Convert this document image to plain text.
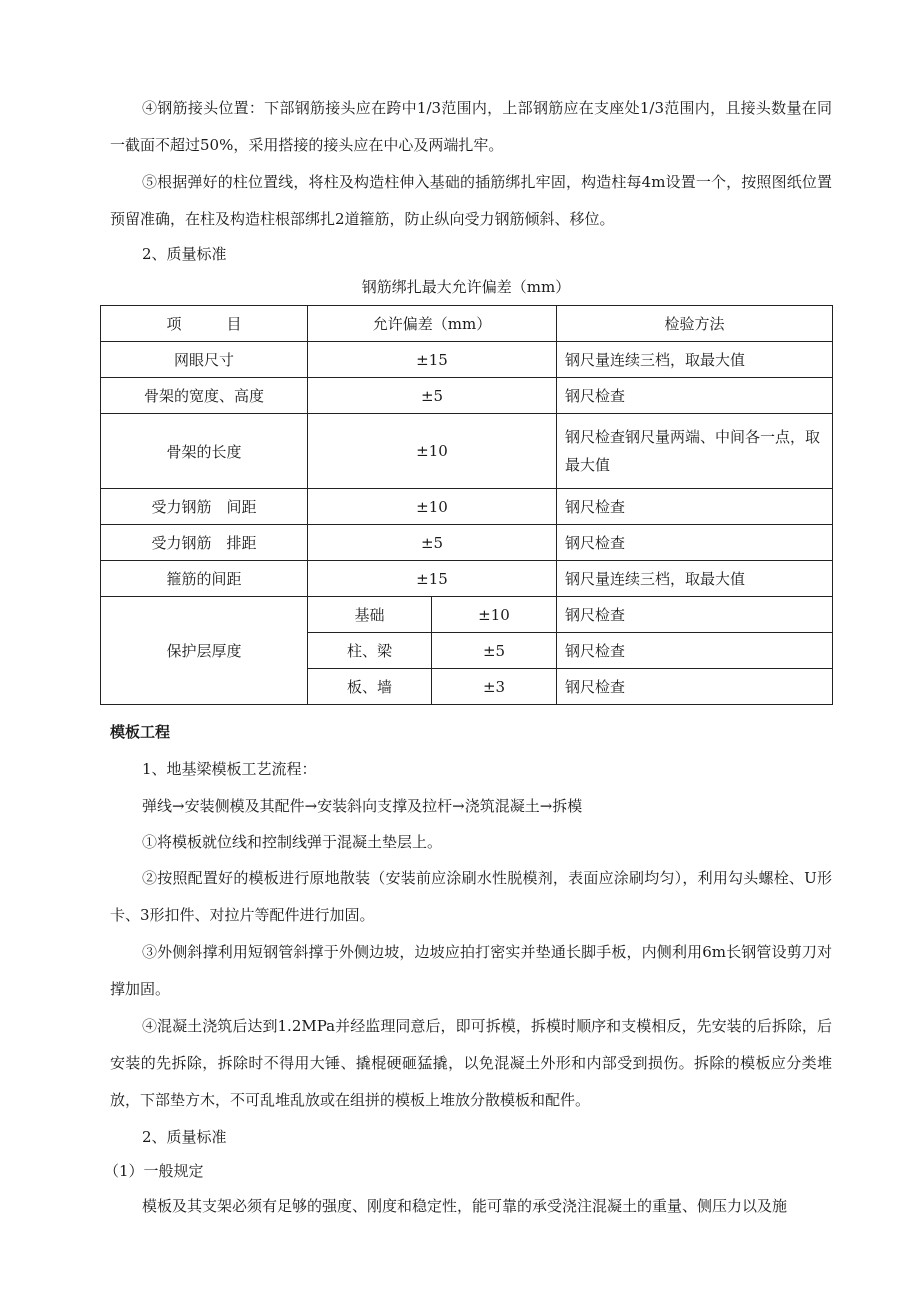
④钢筋接头位置：下部钢筋接头应在跨中1/3范围内，上部钢筋应在支座处1/3范围内，且接头数量在同一截面不超过50%，采用搭接的接头应在中心及两端扎牢。

⑤根据弹好的柱位置线，将柱及构造柱伸入基础的插筋绑扎牢固，构造柱每4m设置一个，按照图纸位置预留准确，在柱及构造柱根部绑扎2道箍筋，防止纵向受力钢筋倾斜、移位。

2、质量标准

钢筋绑扎最大允许偏差（mm）
项　　　目	允许偏差（mm）		检验方法
网眼尺寸	±15		钢尺量连续三档，取最大值
骨架的宽度、高度	±5		钢尺检查
骨架的长度	±10		钢尺检查钢尺量两端、中间各一点，取最大值
受力钢筋　间距	±10		钢尺检查
受力钢筋　排距	±5		钢尺检查
箍筋的间距	±15		钢尺量连续三档，取最大值
保护层厚度	基础	±10	钢尺检查
	柱、梁	±5	钢尺检查
	板、墙	±3	钢尺检查

模板工程

1、地基梁模板工艺流程：

弹线→安装侧模及其配件→安装斜向支撑及拉杆→浇筑混凝土→拆模

①将模板就位线和控制线弹于混凝土垫层上。

②按照配置好的模板进行原地散装（安装前应涂刷水性脱模剂，表面应涂刷均匀），利用勾头螺栓、U形卡、3形扣件、对拉片等配件进行加固。

③外侧斜撑利用短钢管斜撑于外侧边坡，边坡应拍打密实并垫通长脚手板，内侧利用6m长钢管设剪刀对撑加固。

④混凝土浇筑后达到1.2MPa并经监理同意后，即可拆模，拆模时顺序和支模相反，先安装的后拆除，后安装的先拆除，拆除时不得用大锤、撬棍硬砸猛撬，以免混凝土外形和内部受到损伤。拆除的模板应分类堆放，下部垫方木，不可乱堆乱放或在组拼的模板上堆放分散模板和配件。

2、质量标准

（1）一般规定

模板及其支架必须有足够的强度、刚度和稳定性，能可靠的承受浇注混凝土的重量、侧压力以及施
